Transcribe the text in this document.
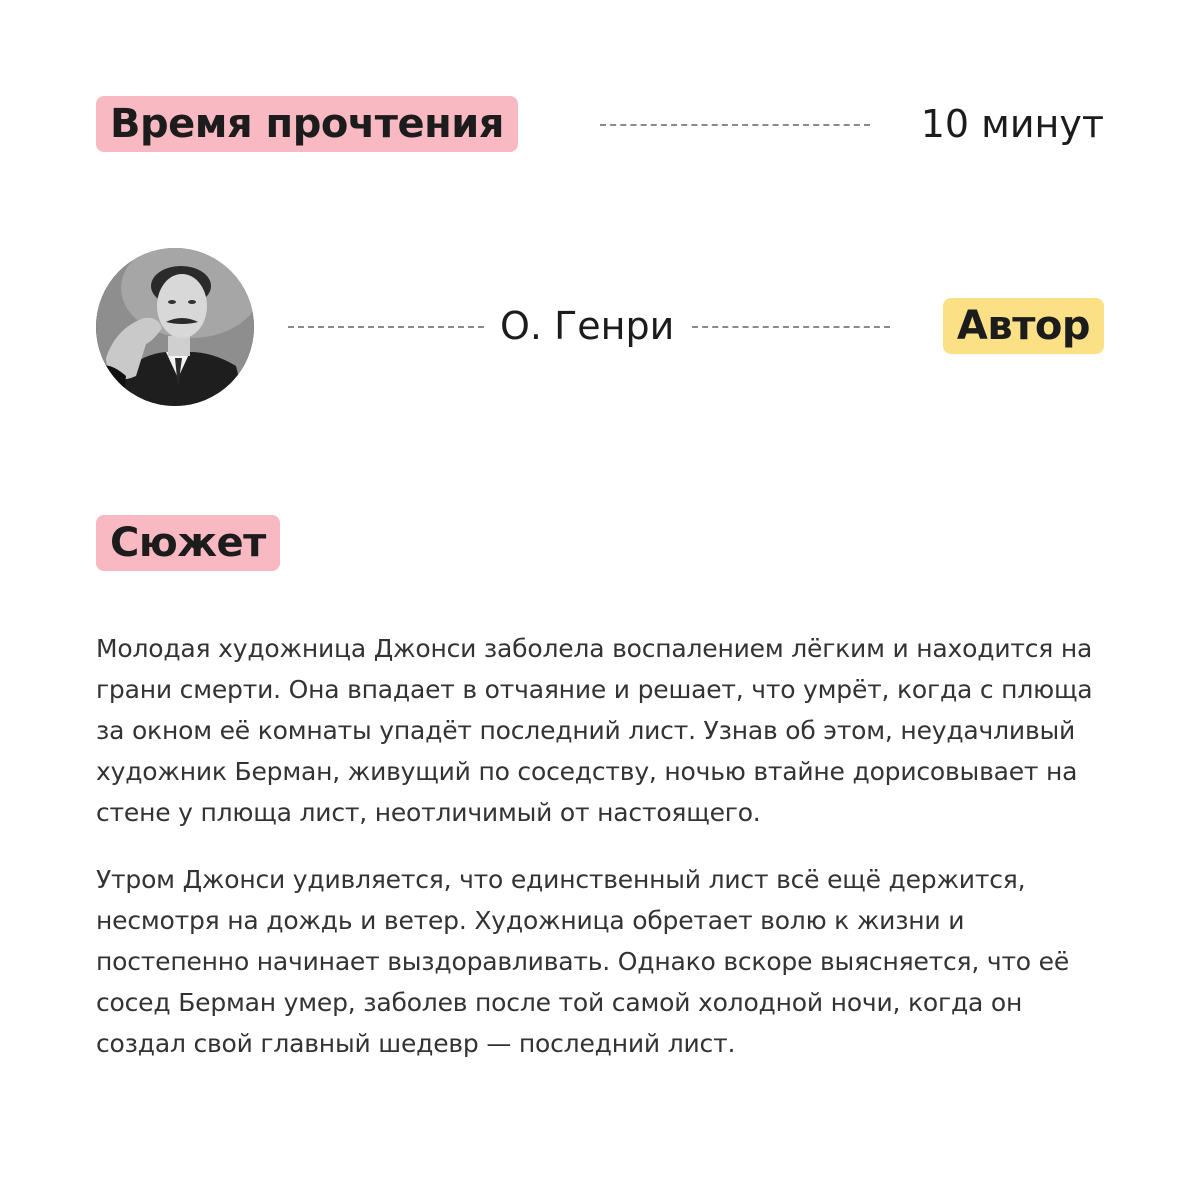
Время прочтения	10 минут
О. Генри	Автор
Сюжет

Молодая художница Джонси заболела воспалением лёгким и находится на грани смерти. Она впадает в отчаяние и решает, что умрёт, когда с плюща за окном её комнаты упадёт последний лист. Узнав об этом, неудачливый художник Берман, живущий по соседству, ночью втайне дорисовывает на стене у плюща лист, неотличимый от настоящего.

Утром Джонси удивляется, что единственный лист всё ещё держится, несмотря на дождь и ветер. Художница обретает волю к жизни и постепенно начинает выздоравливать. Однако вскоре выясняется, что её сосед Берман умер, заболев после той самой холодной ночи, когда он создал свой главный шедевр — последний лист.
